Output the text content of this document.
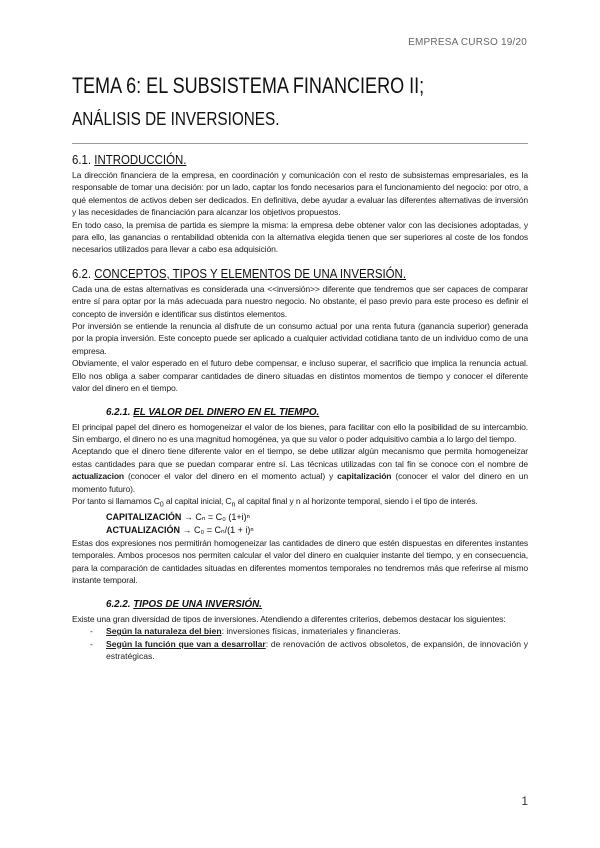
EMPRESA CURSO 19/20
TEMA 6: EL SUBSISTEMA FINANCIERO II;
ANÁLISIS DE INVERSIONES.
6.1. INTRODUCCIÓN.

La dirección financiera de la empresa, en coordinación y comunicación con el resto de subsistemas empresariales, es la responsable de tomar una decisión: por un lado, captar los fondo necesarios para el funcionamiento del negocio: por otro, a qué elementos de activos deben ser dedicados. En definitiva, debe ayudar a evaluar las diferentes alternativas de inversión y las necesidades de financiación para alcanzar los objetivos propuestos.

En todo caso, la premisa de partida es siempre la misma: la empresa debe obtener valor con las decisiones adoptadas, y para ello, las ganancias o rentabilidad obtenida con la alternativa elegida tienen que ser superiores al coste de los fondos necesarios utilizados para llevar a cabo esa adquisición.

6.2. CONCEPTOS, TIPOS Y ELEMENTOS DE UNA INVERSIÓN.

Cada una de estas alternativas es considerada una <<inversión>> diferente que tendremos que ser capaces de comparar entre sí para optar por la más adecuada para nuestro negocio. No obstante, el paso previo para este proceso es definir el concepto de inversión e identificar sus distintos elementos.

Por inversión se entiende la renuncia al disfrute de un consumo actual por una renta futura (ganancia superior) generada por la propia inversión. Este concepto puede ser aplicado a cualquier actividad cotidiana tanto de un individuo como de una empresa.

Obviamente, el valor esperado en el futuro debe compensar, e incluso superar, el sacrificio que implica la renuncia actual. Ello nos obliga a saber comparar cantidades de dinero situadas en distintos momentos de tiempo y conocer el diferente valor del dinero en el tiempo.

6.2.1. EL VALOR DEL DINERO EN EL TIEMPO.

El principal papel del dinero es homogeneizar el valor de los bienes, para facilitar con ello la posibilidad de su intercambio. Sin embargo, el dinero no es una magnitud homogénea, ya que su valor o poder adquisitivo cambia a lo largo del tiempo.

Aceptando que el dinero tiene diferente valor en el tiempo, se debe utilizar algún mecanismo que permita homogeneizar estas cantidades para que se puedan comparar entre sí. Las técnicas utilizadas con tal fin se conoce con el nombre de actualizacion (conocer el valor del dinero en el momento actual) y capitalización (conocer el valor del dinero en un momento futuro).

Por tanto si llamamos $C_0$ al capital inicial, $C_n$ al capital final y n al horizonte temporal, siendo i el tipo de interés.

CAPITALIZACIÓN → Cₙ = C₀ (1+i)ⁿ
ACTUALIZACIÓN → C₀ = Cₙ/(1 + i)ⁿ

Estas dos expresiones nos permitirán homogeneizar las cantidades de dinero que estén dispuestas en diferentes instantes temporales. Ambos procesos nos permiten calcular el valor del dinero en cualquier instante del tiempo, y en consecuencia, para la comparación de cantidades situadas en diferentes momentos temporales no tendremos más que referirse al mismo instante temporal.

6.2.2. TIPOS DE UNA INVERSIÓN.

Existe una gran diversidad de tipos de inversiones. Atendiendo a diferentes criterios, debemos destacar los siguientes:

-	Según la naturaleza del bien: inversiones físicas, inmateriales y financieras.
-	Según la función que van a desarrollar: de renovación de activos obsoletos, de expansión, de innovación y estratégicas.
1
